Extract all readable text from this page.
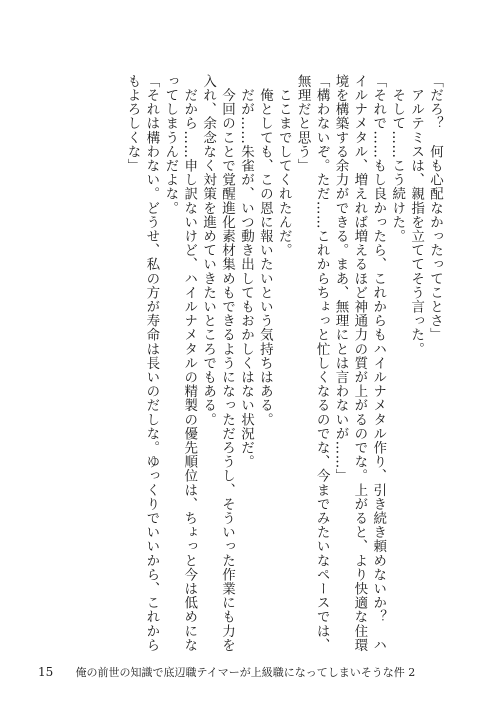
「だろ？　何も心配なかったってことさ」

　アルテミスは、親指を立ててそう言った。

　そして……こう続けた。

「それで……もし良かったら、これからもハイルナメタル作り、引き続き頼めないか？　ハイルナメタル、増えれば増えるほど神通力の質が上がるのでな。上がると、より快適な住環境を構築する余力ができる。まあ、無理にとは言わないが……」

「構わないぞ。ただ……これからちょっと忙しくなるのでな、今までみたいなペースでは、無理だと思う」

　ここまでしてくれたんだ。

　俺としても、この恩に報いたいという気持ちはある。

　だが……朱雀が、いつ動き出してもおかしくはない状況だ。

　今回のことで覚醒進化素材集めもできるようになっただろうし、そういった作業にも力を入れ、余念なく対策を進めていきたいところでもある。

　だから……申し訳ないけど、ハイルナメタルの精製の優先順位は、ちょっと今は低めになってしまうんだよな。

「それは構わない。どうせ、私の方が寿命は長いのだしな。ゆっくりでいいから、これからもよろしくな」

15 俺の前世の知識で底辺職テイマーが上級職になってしまいそうな件 2
